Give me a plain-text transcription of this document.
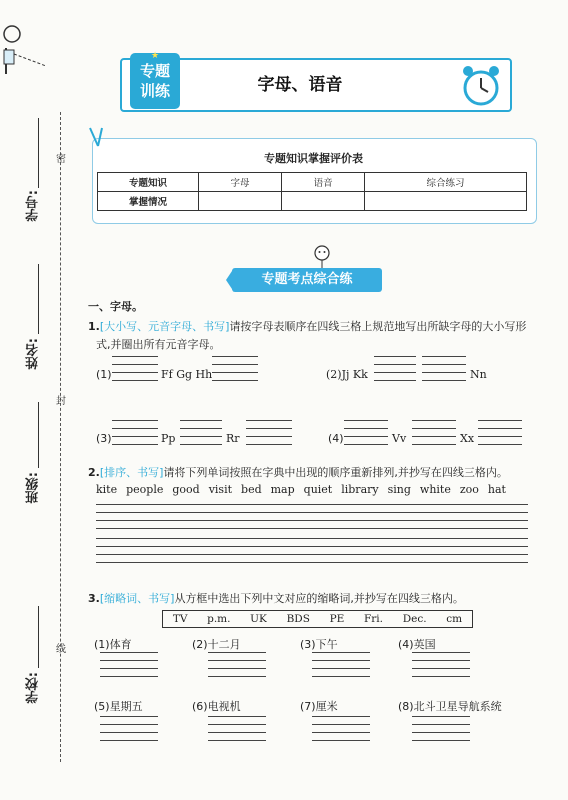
密
封
线
学号:
姓名:
班级:
学校:
★
专题
训练	字母、语音
专题知识掌握评价表
专题知识	字母	语音	综合练习
掌握情况			
专题考点综合练
一、字母。
1.[大小写、元音字母、书写]请按字母表顺序在四线三格上规范地写出所缺字母的大小写形
式,并圈出所有元音字母。
(1)	Ff Gg Hh	(2)Jj Kk	Nn
(3)	Pp	Rr	(4)	Vv	Xx
2.[排序、书写]请将下列单词按照在字典中出现的顺序重新排列,并抄写在四线三格内。
kite people good visit bed map quiet library sing white zoo hat
3.[缩略词、书写]从方框中选出下列中文对应的缩略词,并抄写在四线三格内。
TV p.m. UK BDS PE Fri. Dec. cm
(1)体育	(2)十二月	(3)下午	(4)英国
(5)星期五	(6)电视机	(7)厘米	(8)北斗卫星导航系统
